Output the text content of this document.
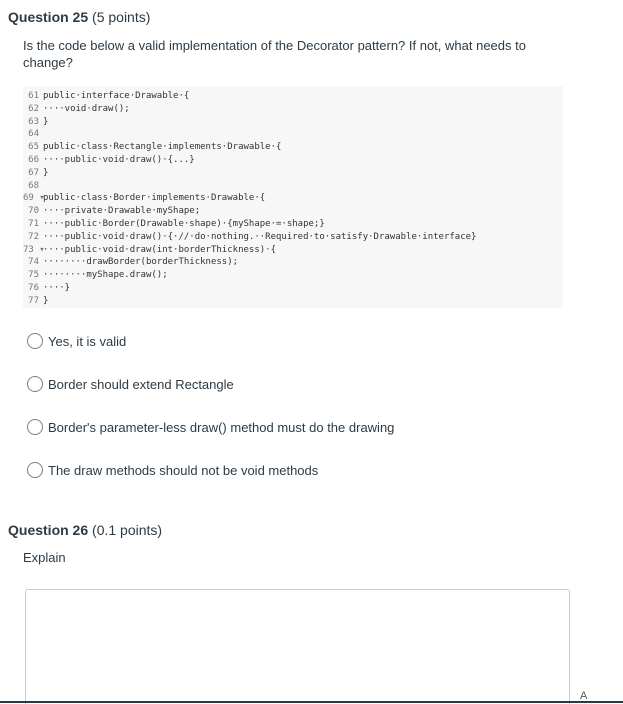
Question 25 (5 points)
Is the code below a valid implementation of the Decorator pattern? If not, what needs to change?
61 public·interface·Drawable·{
62 ····void·draw();
63 }
64
65 public·class·Rectangle·implements·Drawable·{
66 ····public·void·draw()·{...}
67 }
68
69 ▾public·class·Border·implements·Drawable·{
70 ····private·Drawable·myShape;
71 ····public·Border(Drawable·shape)·{myShape·=·shape;}
72 ····public·void·draw()·{·//·do·nothing.··Required·to·satisfy·Drawable·interface}
73 ▾····public·void·draw(int·borderThickness)·{
74 ········drawBorder(borderThickness);
75 ········myShape.draw();
76 ····}
77 }
Yes, it is valid
Border should extend Rectangle
Border's parameter-less draw() method must do the drawing
The draw methods should not be void methods
Question 26 (0.1 points)
Explain
A
